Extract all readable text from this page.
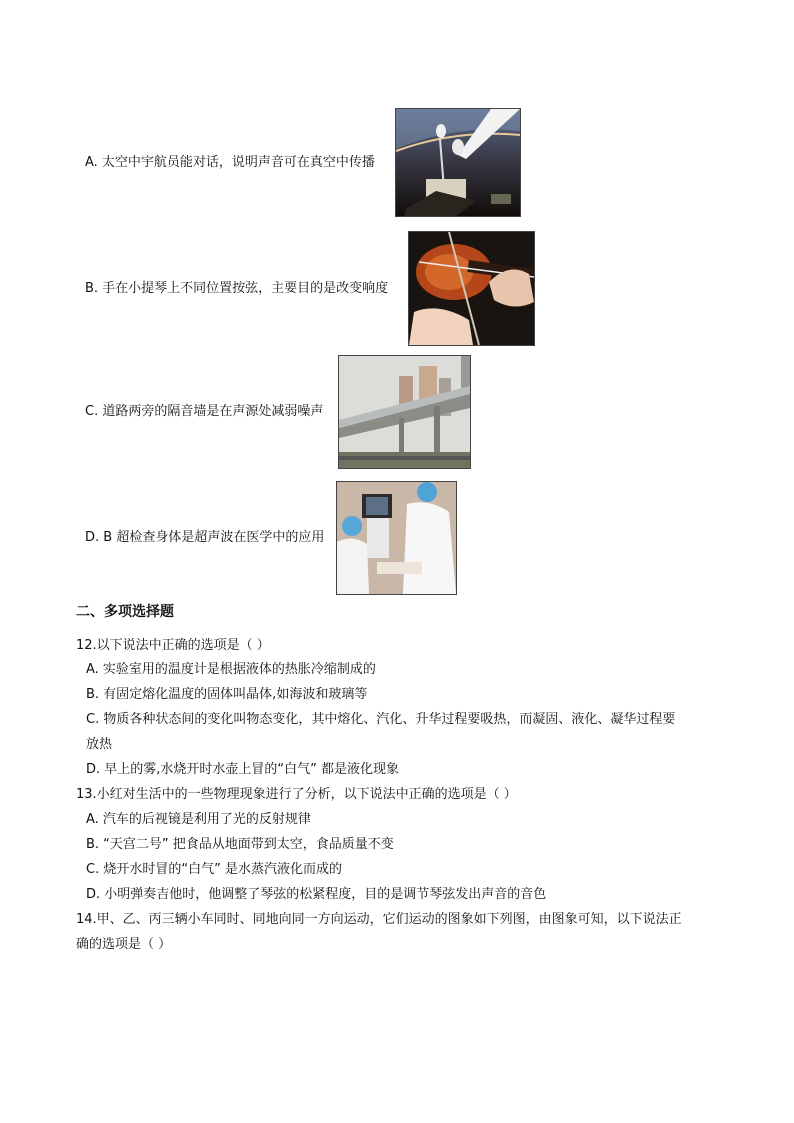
A. 太空中宇航员能对话，说明声音可在真空中传播
B. 手在小提琴上不同位置按弦，主要目的是改变响度
C. 道路两旁的隔音墙是在声源处减弱噪声
D. B 超检查身体是超声波在医学中的应用
二、多项选择题
12.以下说法中正确的选项是（ ）
A. 实验室用的温度计是根据液体的热胀冷缩制成的
B. 有固定熔化温度的固体叫晶体,如海波和玻璃等
C. 物质各种状态间的变化叫物态变化，其中熔化、汽化、升华过程要吸热，而凝固、液化、凝华过程要
放热
D. 早上的雾,水烧开时水壶上冒的“白气” 都是液化现象
13.小红对生活中的一些物理现象进行了分析，以下说法中正确的选项是（ ）
A. 汽车的后视镜是利用了光的反射规律
B. “天宫二号” 把食品从地面带到太空，食品质量不变
C. 烧开水时冒的“白气” 是水蒸汽液化而成的
D. 小明弹奏吉他时，他调整了琴弦的松紧程度，目的是调节琴弦发出声音的音色
14.甲、乙、丙三辆小车同时、同地向同一方向运动，它们运动的图象如下列图，由图象可知，以下说法正
确的选项是（ ）
